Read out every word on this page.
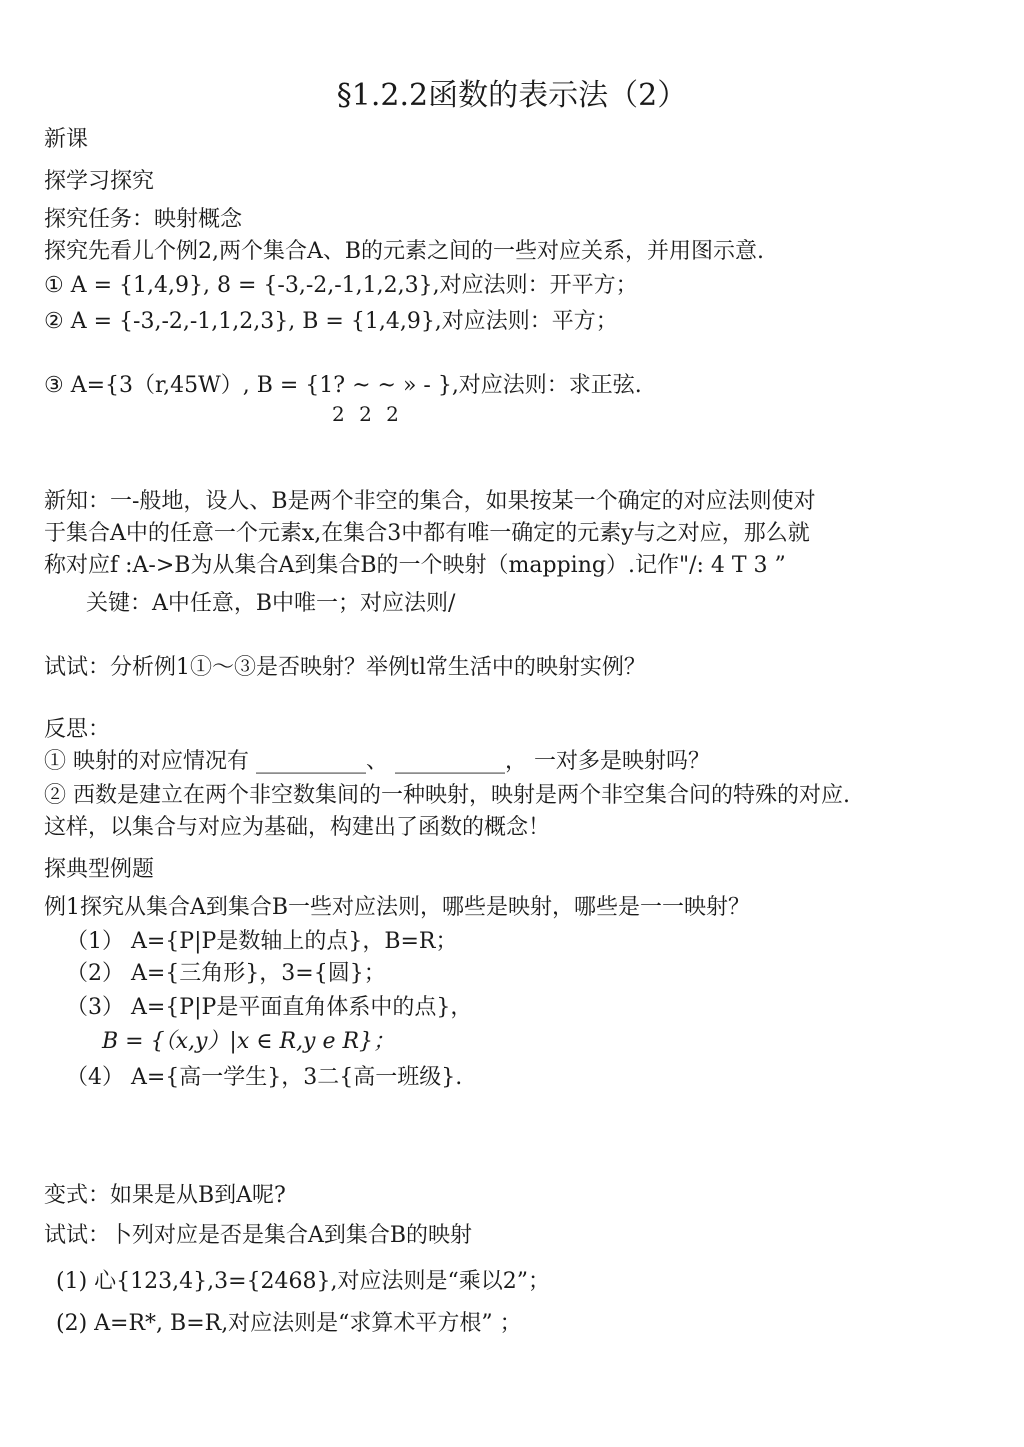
§1.2.2函数的表示法（2）
新课
探学习探究
探究任务：映射概念
探究先看儿个例2,两个集合A、B的元素之间的一些对应关系，并用图示意.
① A = {1,4,9}, 8 = {-3,-2,-1,1,2,3},对应法则：开平方；
② A = {-3,-2,-1,1,2,3}, B = {1,4,9},对应法则：平方；
③ A={3（r,45W）, B = {1? ~ ~ » - },对应法则：求正弦.
2 2 2
新知：一-般地，设人、B是两个非空的集合，如果按某一个确定的对应法则使对
于集合A中的任意一个元素x,在集合3中都有唯一确定的元素y与之对应，那么就
称对应f :A->B为从集合A到集合B的一个映射（mapping）.记作"/: 4 T 3 ”
关键：A中任意，B中唯一；对应法则/
试试：分析例1①～③是否映射？举例tl常生活中的映射实例？
反思：
① 映射的对应情况有 __________、 __________， 一对多是映射吗？
② 西数是建立在两个非空数集间的一种映射，映射是两个非空集合问的特殊的对应.
这样，以集合与对应为基础，构建出了函数的概念！
探典型例题
例1探究从集合A到集合B一些对应法则，哪些是映射，哪些是一一映射？
（1） A={P|P是数轴上的点}，B=R；
（2） A={三角形}，3={圆}；
（3） A={P|P是平面直角体系中的点}，
B = {（x,y）|x ∈ R,y e R}；
（4） A={高一学生}，3二{高一班级}.
变式：如果是从B到A呢?
试试：卜列对应是否是集合A到集合B的映射
(1) 心{123,4},3={2468},对应法则是“乘以2”；
(2) A=R*, B=R,对应法则是“求算术平方根” ；
